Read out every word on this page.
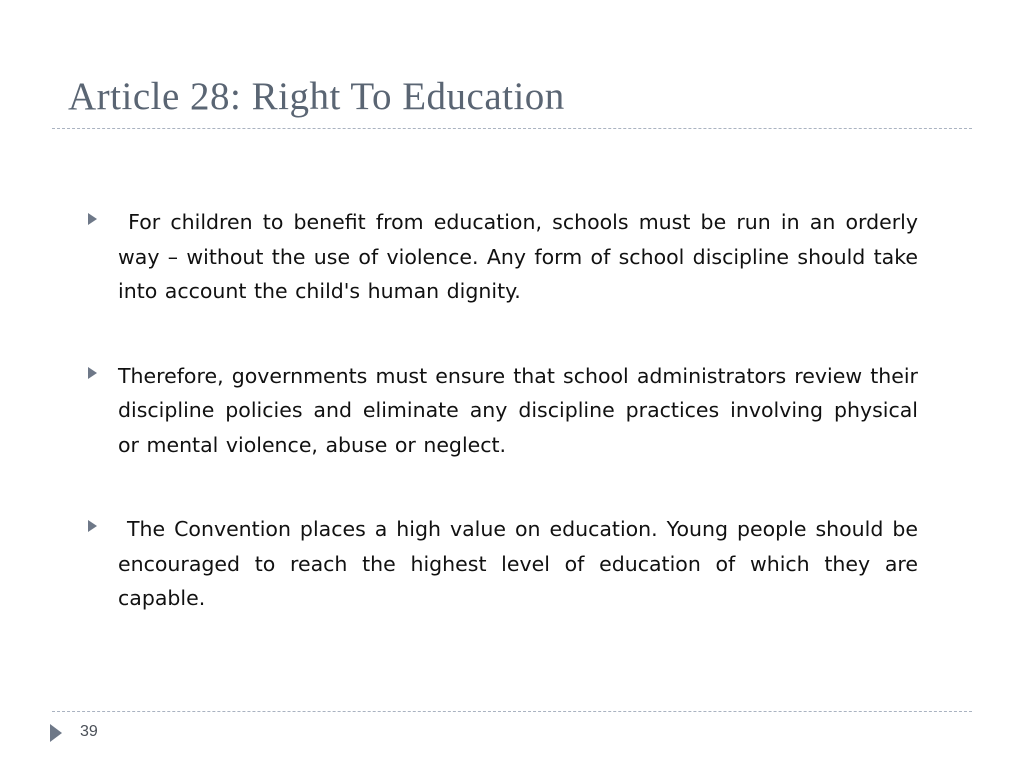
Article 28: Right To Education
For children to benefit from education, schools must be run in an orderly way – without the use of violence. Any form of school discipline should take into account the child's human dignity.
Therefore, governments must ensure that school administrators review their discipline policies and eliminate any discipline practices involving physical or mental violence, abuse or neglect.
The Convention places a high value on education. Young people should be encouraged to reach the highest level of education of which they are capable.
39
